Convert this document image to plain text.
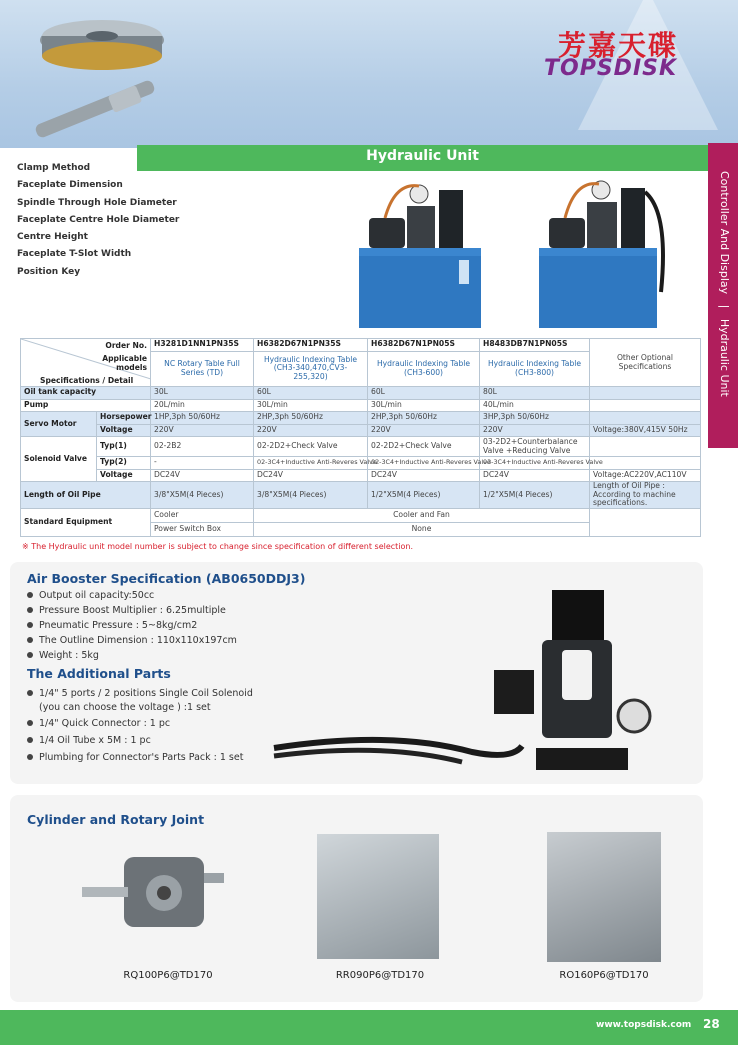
芳嘉天碟
TOPSDISK
Hydraulic Unit
Controller And Display   |   Hydraulic Unit
Clamp Method
Faceplate Dimension
Spindle Through Hole Diameter
Faceplate Centre Hole Diameter
Centre Height
Faceplate T-Slot Width
Position Key
Order No.
Applicable models
Specifications / Detail		H3281D1NN1PN35S	H6382D67N1PN35S	H6382D67N1PN05S	H8483DB7N1PN05S	Other Optional Specifications
		NC Rotary Table Full Series (TD)	Hydraulic Indexing Table (CH3-340,470,CV3-255,320)	Hydraulic Indexing Table (CH3-600)	Hydraulic Indexing Table (CH3-800)	

Oil tank capacity		30L	60L	60L	80L	
Pump		20L/min	30L/min	30L/min	40L/min	
Servo Motor	Horsepower	1HP,3ph 50/60Hz	2HP,3ph 50/60Hz	2HP,3ph 50/60Hz	3HP,3ph 50/60Hz	
	Voltage	220V	220V	220V	220V	Voltage:380V,415V 50Hz
Solenoid Valve	Typ(1)	02-2B2	02-2D2+Check Valve	02-2D2+Check Valve	03-2D2+Counterbalance Valve +Reducing Valve	
	Typ(2)	-	02-3C4+Inductive Anti-Reveres Valve	02-3C4+Inductive Anti-Reveres Valve	03-3C4+Inductive Anti-Reveres Valve	
	Voltage	DC24V	DC24V	DC24V	DC24V	Voltage:AC220V,AC110V
Length of Oil Pipe		3/8"X5M(4 Pieces)	3/8"X5M(4 Pieces)	1/2"X5M(4 Pieces)	1/2"X5M(4 Pieces)	Length of Oil Pipe : According to machine specifications.
Standard Equipment		Cooler	Cooler and Fan			
		Power Switch Box	None			
※ The Hydraulic unit model number is subject to change since specification of different selection.
Air Booster Specification (AB0650DDJ3)
Output oil capacity:50cc
Pressure Boost Multiplier : 6.25multiple
Pneumatic Pressure : 5~8kg/cm2
The Outline Dimension : 110x110x197cm
Weight : 5kg
The Additional Parts
1/4" 5 ports / 2 positions Single Coil Solenoid
(you can choose the voltage ) :1 set
1/4" Quick Connector : 1 pc
1/4 Oil Tube x 5M : 1 pc
Plumbing for Connector's Parts Pack : 1 set
Cylinder and Rotary Joint
RQ100P6@TD170	RR090P6@TD170	RO160P6@TD170
www.topsdisk.com 28
